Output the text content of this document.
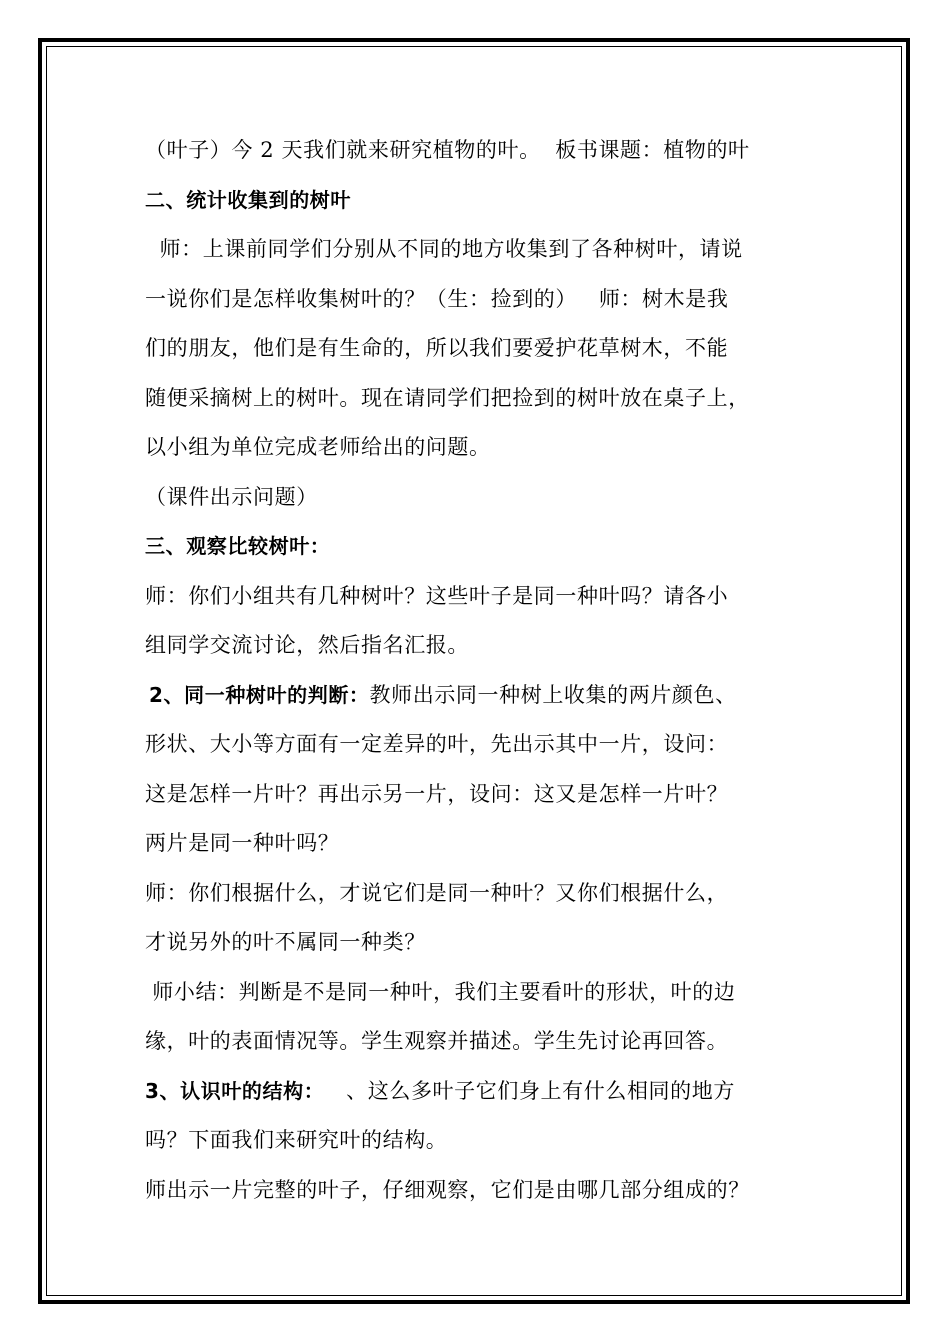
（叶子）今 2 天我们就来研究植物的叶。  板书课题：植物的叶
二、统计收集到的树叶
师：上课前同学们分别从不同的地方收集到了各种树叶，请说
一说你们是怎样收集树叶的？（生：捡到的）   师：树木是我
们的朋友，他们是有生命的，所以我们要爱护花草树木，不能
随便采摘树上的树叶。现在请同学们把捡到的树叶放在桌子上，
以小组为单位完成老师给出的问题。
（课件出示问题）
三、观察比较树叶：
师：你们小组共有几种树叶？这些叶子是同一种叶吗？请各小
组同学交流讨论，然后指名汇报。
2、同一种树叶的判断：教师出示同一种树上收集的两片颜色、
形状、大小等方面有一定差异的叶，先出示其中一片，设问：
这是怎样一片叶？再出示另一片，设问：这又是怎样一片叶？
两片是同一种叶吗？
师：你们根据什么，才说它们是同一种叶？又你们根据什么，
才说另外的叶不属同一种类？
师小结：判断是不是同一种叶，我们主要看叶的形状，叶的边
缘，叶的表面情况等。学生观察并描述。学生先讨论再回答。
3、认识叶的结构：   、这么多叶子它们身上有什么相同的地方
吗？下面我们来研究叶的结构。
师出示一片完整的叶子，仔细观察，它们是由哪几部分组成的？
